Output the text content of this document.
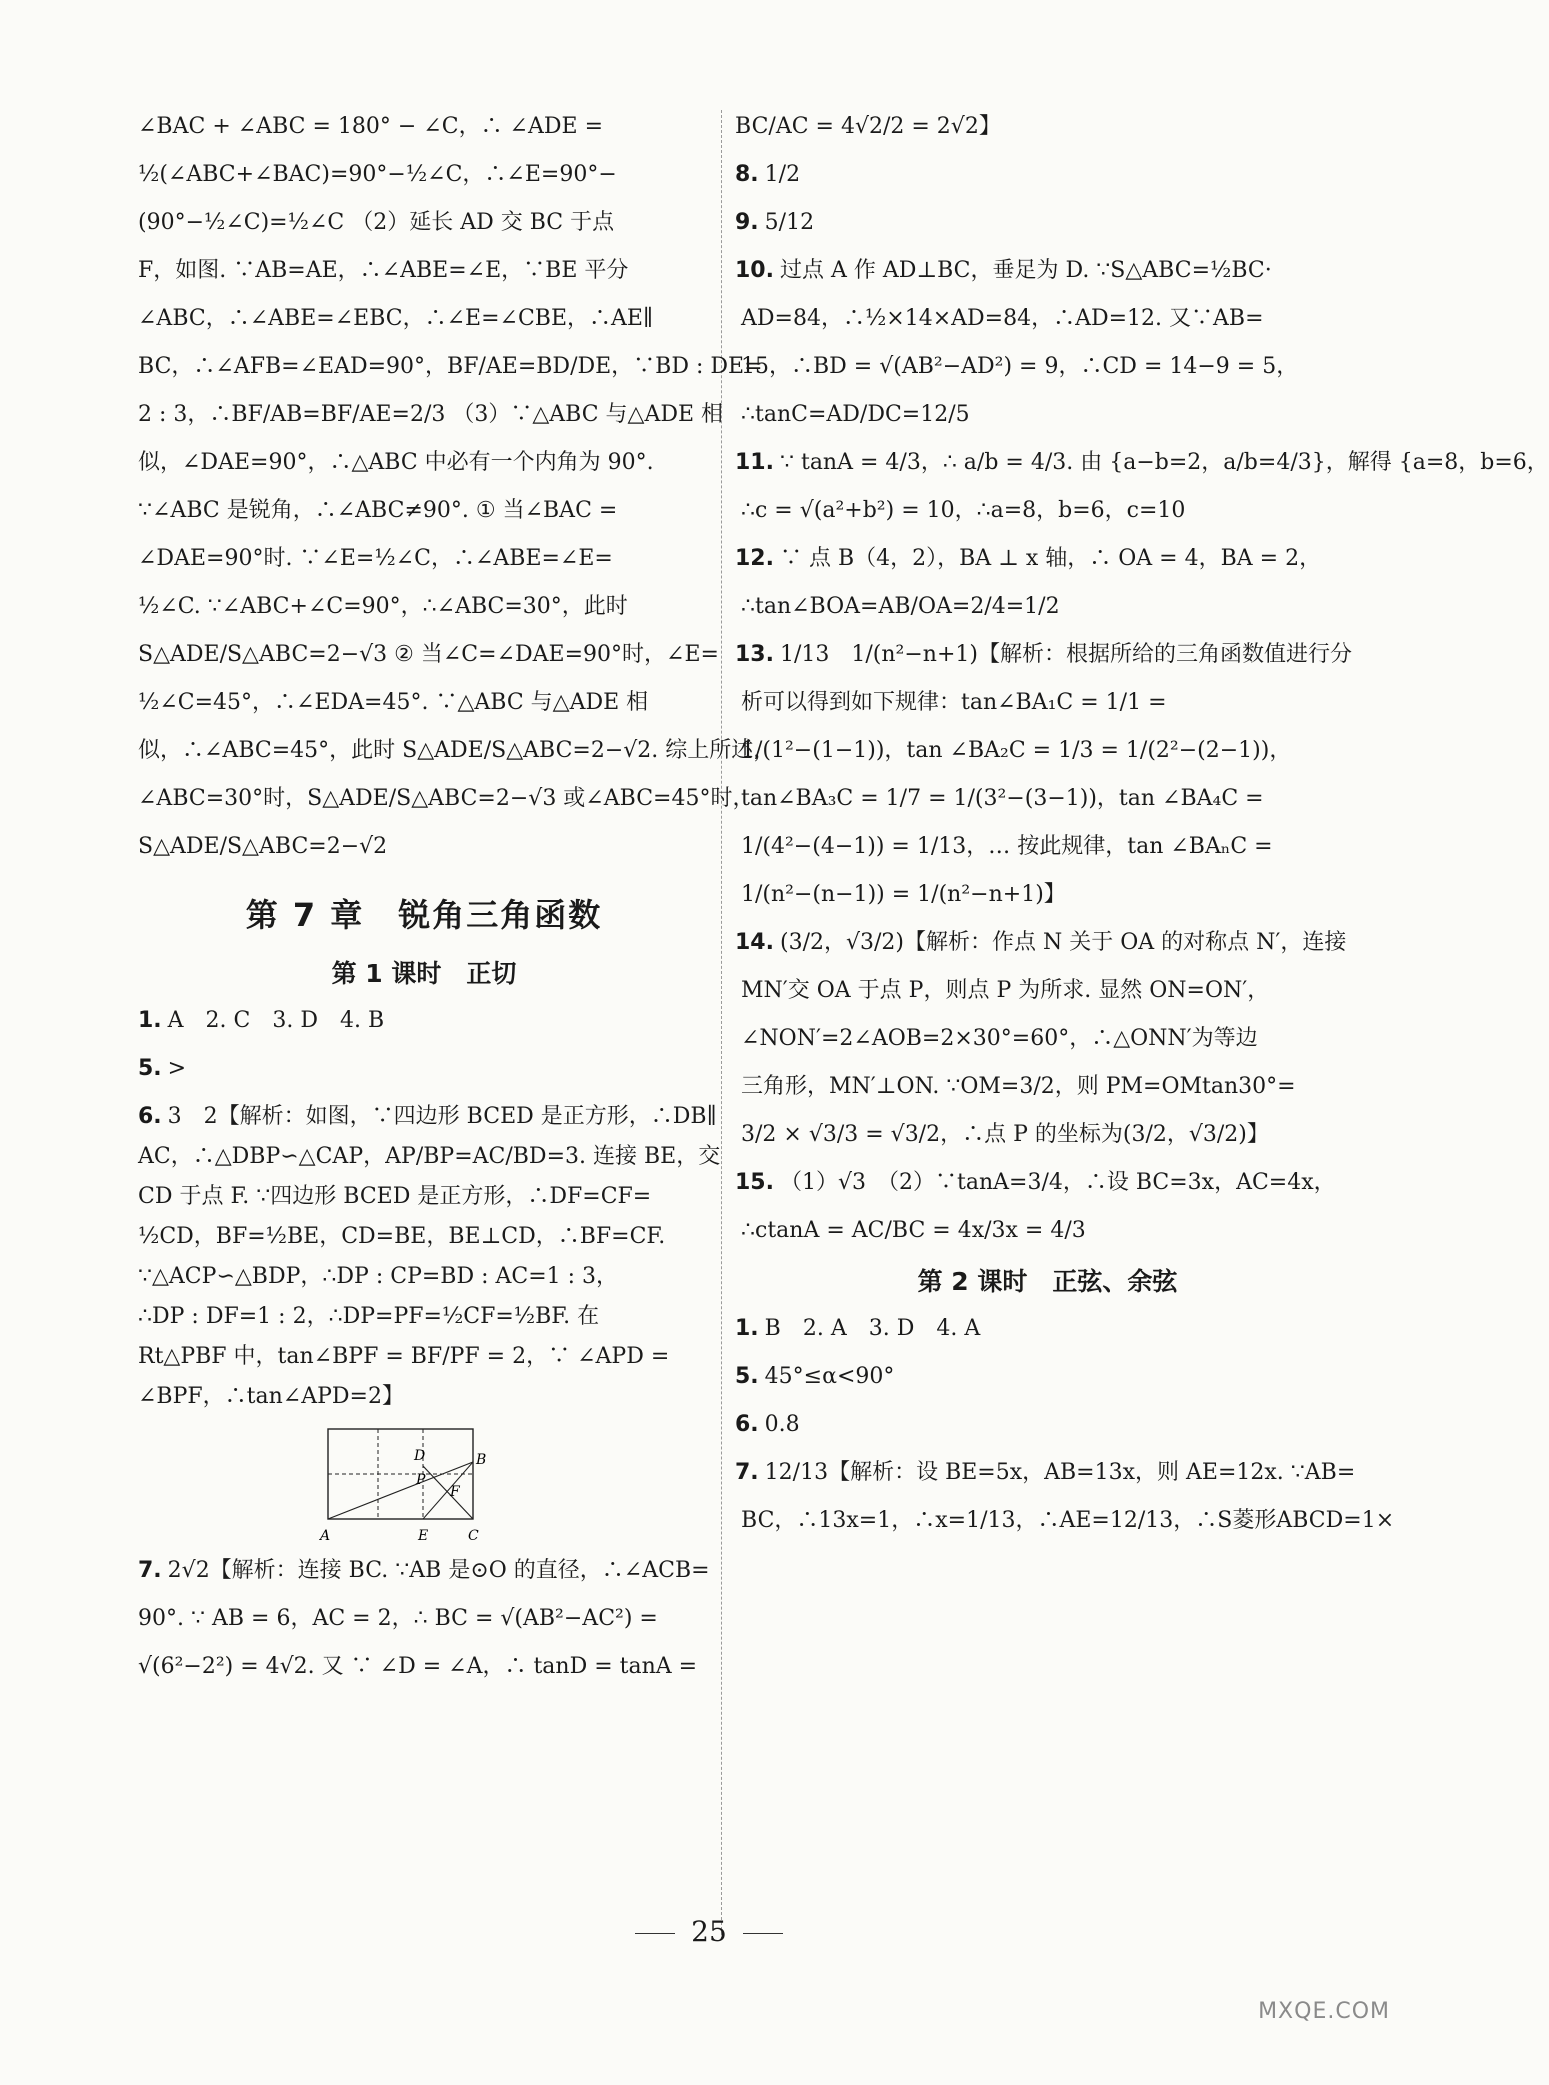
∠BAC + ∠ABC = 180° − ∠C，∴ ∠ADE =
½(∠ABC+∠BAC)=90°−½∠C，∴∠E=90°−
(90°−½∠C)=½∠C （2）延长 AD 交 BC 于点
F，如图. ∵AB=AE，∴∠ABE=∠E，∵BE 平分
∠ABC，∴∠ABE=∠EBC，∴∠E=∠CBE，∴AE∥
BC，∴∠AFB=∠EAD=90°，BF/AE=BD/DE，∵BD : DE=
2 : 3，∴BF/AB=BF/AE=2/3 （3）∵△ABC 与△ADE 相
似，∠DAE=90°，∴△ABC 中必有一个内角为 90°.
∵∠ABC 是锐角，∴∠ABC≠90°. ① 当∠BAC =
∠DAE=90°时. ∵∠E=½∠C，∴∠ABE=∠E=
½∠C. ∵∠ABC+∠C=90°，∴∠ABC=30°，此时
S△ADE/S△ABC=2−√3 ② 当∠C=∠DAE=90°时，∠E=
½∠C=45°，∴∠EDA=45°. ∵△ABC 与△ADE 相
似，∴∠ABC=45°，此时 S△ADE/S△ABC=2−√2. 综上所述，
∠ABC=30°时，S△ADE/S△ABC=2−√3 或∠ABC=45°时，
S△ADE/S△ABC=2−√2
第 7 章　锐角三角函数
第 1 课时　正切
1. A　2. C　3. D　4. B
5. >
6. 3　2【解析：如图，∵四边形 BCED 是正方形，∴DB∥
AC，∴△DBP∽△CAP，AP/BP=AC/BD=3. 连接 BE，交
CD 于点 F. ∵四边形 BCED 是正方形，∴DF=CF=
½CD，BF=½BE，CD=BE，BE⊥CD，∴BF=CF.
∵△ACP∽△BDP，∴DP : CP=BD : AC=1 : 3，
∴DP : DF=1 : 2，∴DP=PF=½CF=½BF. 在
Rt△PBF 中，tan∠BPF = BF/PF = 2，∵ ∠APD =
∠BPF，∴tan∠APD=2】
A
B
C
D
E
F
P
7. 2√2【解析：连接 BC. ∵AB 是⊙O 的直径，∴∠ACB=
90°. ∵ AB = 6，AC = 2，∴ BC = √(AB²−AC²) =
√(6²−2²) = 4√2. 又 ∵ ∠D = ∠A，∴ tanD = tanA =
BC/AC = 4√2/2 = 2√2】
8. 1/2
9. 5/12
10. 过点 A 作 AD⊥BC，垂足为 D. ∵S△ABC=½BC·
AD=84，∴½×14×AD=84，∴AD=12. 又∵AB=
15，∴BD = √(AB²−AD²) = 9，∴CD = 14−9 = 5，
∴tanC=AD/DC=12/5
11. ∵ tanA = 4/3，∴ a/b = 4/3. 由 {a−b=2，a/b=4/3}，解得 {a=8，b=6，
∴c = √(a²+b²) = 10，∴a=8，b=6，c=10
12. ∵ 点 B（4，2），BA ⊥ x 轴，∴ OA = 4，BA = 2，
∴tan∠BOA=AB/OA=2/4=1/2
13. 1/13　1/(n²−n+1)【解析：根据所给的三角函数值进行分
析可以得到如下规律：tan∠BA₁C = 1/1 =
1/(1²−(1−1))，tan ∠BA₂C = 1/3 = 1/(2²−(2−1))，
tan∠BA₃C = 1/7 = 1/(3²−(3−1))，tan ∠BA₄C =
1/(4²−(4−1)) = 1/13，… 按此规律，tan ∠BAₙC =
1/(n²−(n−1)) = 1/(n²−n+1)】
14. (3/2，√3/2)【解析：作点 N 关于 OA 的对称点 N′，连接
MN′交 OA 于点 P，则点 P 为所求. 显然 ON=ON′，
∠NON′=2∠AOB=2×30°=60°，∴△ONN′为等边
三角形，MN′⊥ON. ∵OM=3/2，则 PM=OMtan30°=
3/2 × √3/3 = √3/2，∴点 P 的坐标为(3/2，√3/2)】
15. （1）√3　（2）∵tanA=3/4，∴设 BC=3x，AC=4x，
∴ctanA = AC/BC = 4x/3x = 4/3
第 2 课时　正弦、余弦
1. B　2. A　3. D　4. A
5. 45°≤α<90°
6. 0.8
7. 12/13【解析：设 BE=5x，AB=13x，则 AE=12x. ∵AB=
BC，∴13x=1，∴x=1/13，∴AE=12/13，∴S菱形ABCD=1×
25
MXQE.COM
